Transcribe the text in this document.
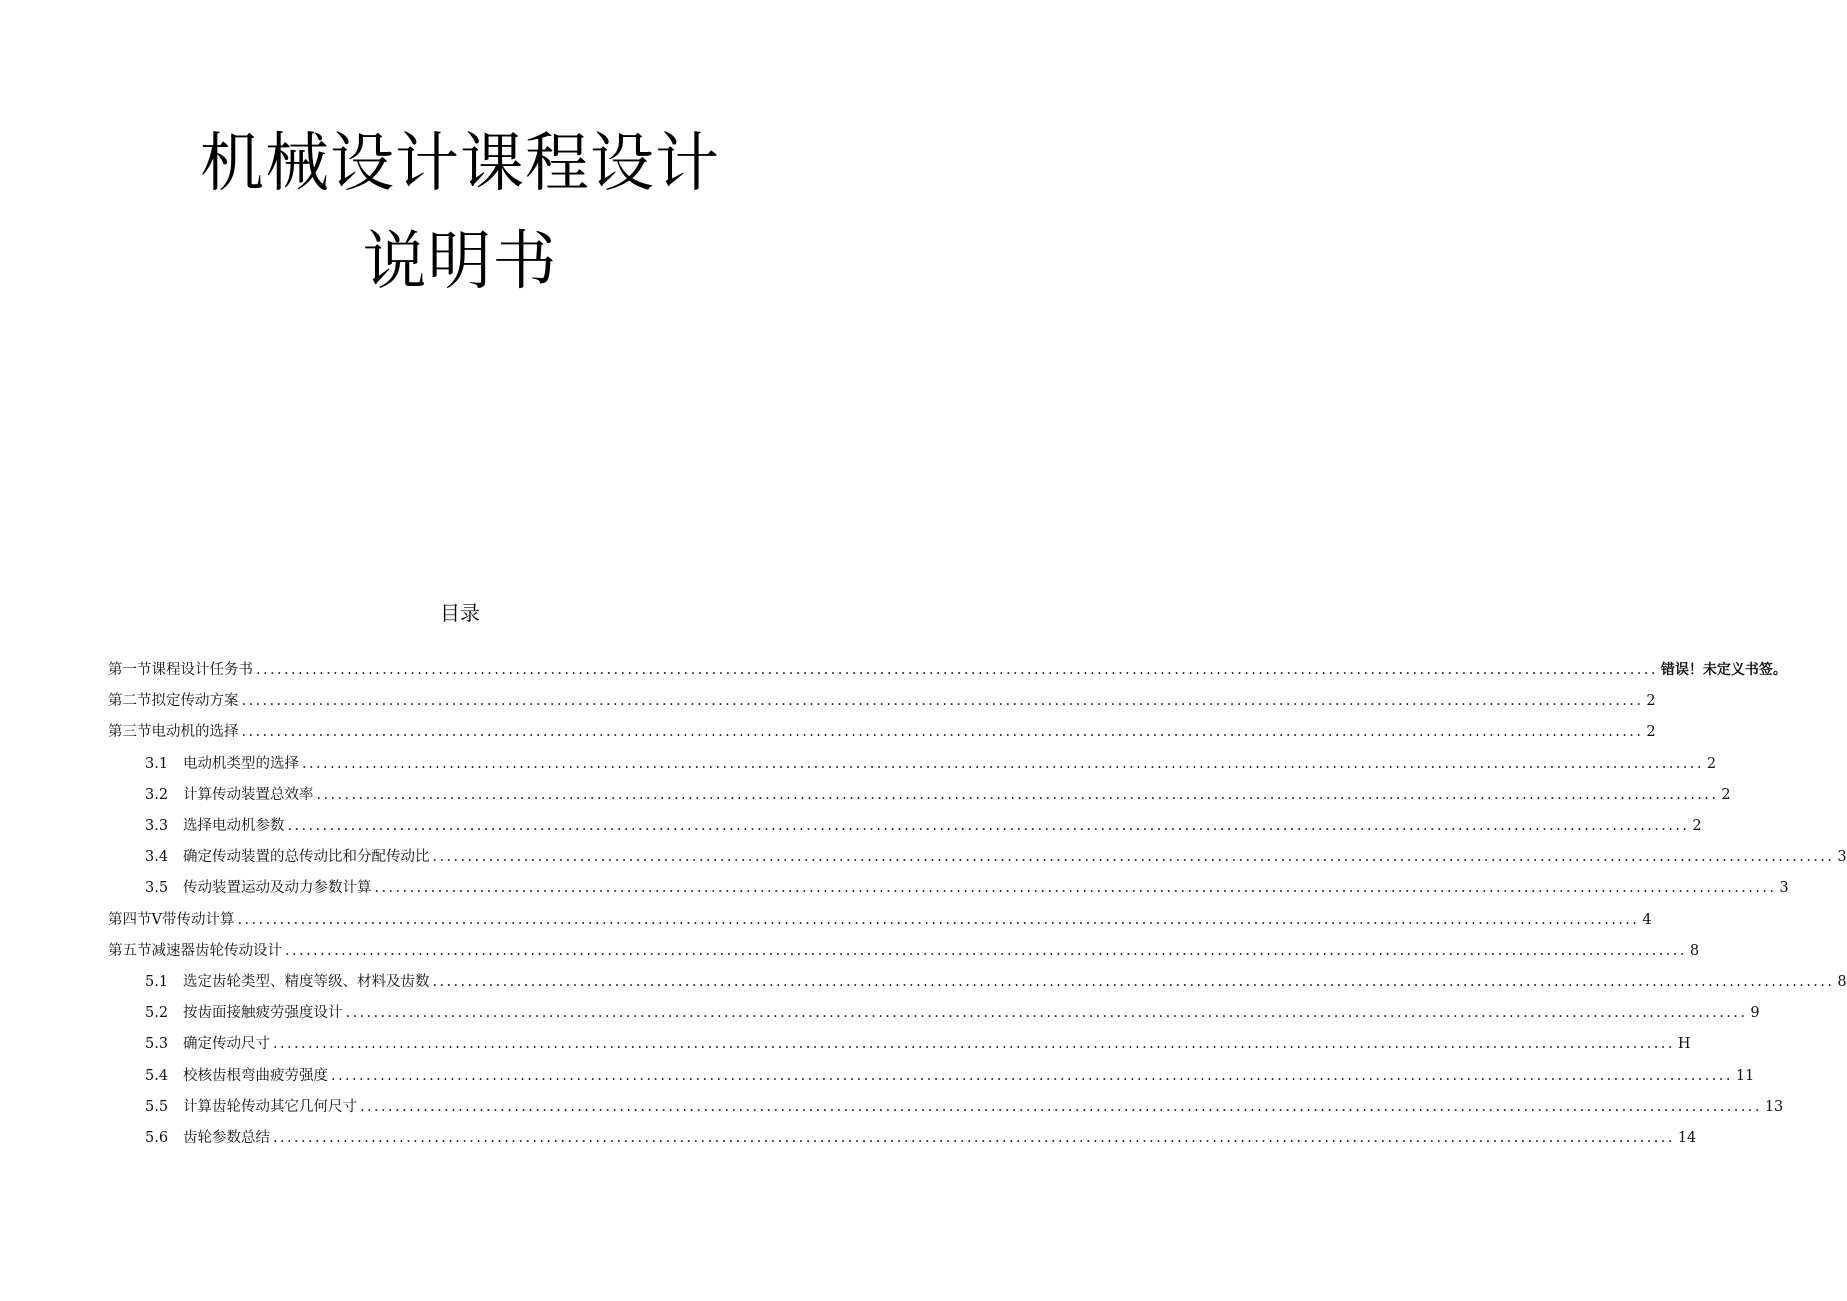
机械设计课程设计
说明书
目录
第一节课程设计任务书 ........................................................................................................................................................................................................ 错误！未定义书签。
第二节拟定传动方案 ........................................................................................................................................................................................................ 2
第三节电动机的选择 ........................................................................................................................................................................................................ 2
3.1	电动机类型的选择 ........................................................................................................................................................................................................ 2
3.2	计算传动装置总效率 ........................................................................................................................................................................................................ 2
3.3	选择电动机参数 ........................................................................................................................................................................................................ 2
3.4	确定传动装置的总传动比和分配传动比 ........................................................................................................................................................................................................ 3
3.5	传动装置运动及动力参数计算 ........................................................................................................................................................................................................ 3
第四节V带传动计算 ........................................................................................................................................................................................................ 4
第五节减速器齿轮传动设计 ........................................................................................................................................................................................................ 8
5.1	选定齿轮类型、精度等级、材料及齿数 ........................................................................................................................................................................................................ 8
5.2	按齿面接触疲劳强度设计 ........................................................................................................................................................................................................ 9
5.3	确定传动尺寸 ........................................................................................................................................................................................................ H
5.4	校核齿根弯曲疲劳强度 ........................................................................................................................................................................................................ 11
5.5	计算齿轮传动其它几何尺寸 ........................................................................................................................................................................................................ 13
5.6	齿轮参数总结 ........................................................................................................................................................................................................ 14
